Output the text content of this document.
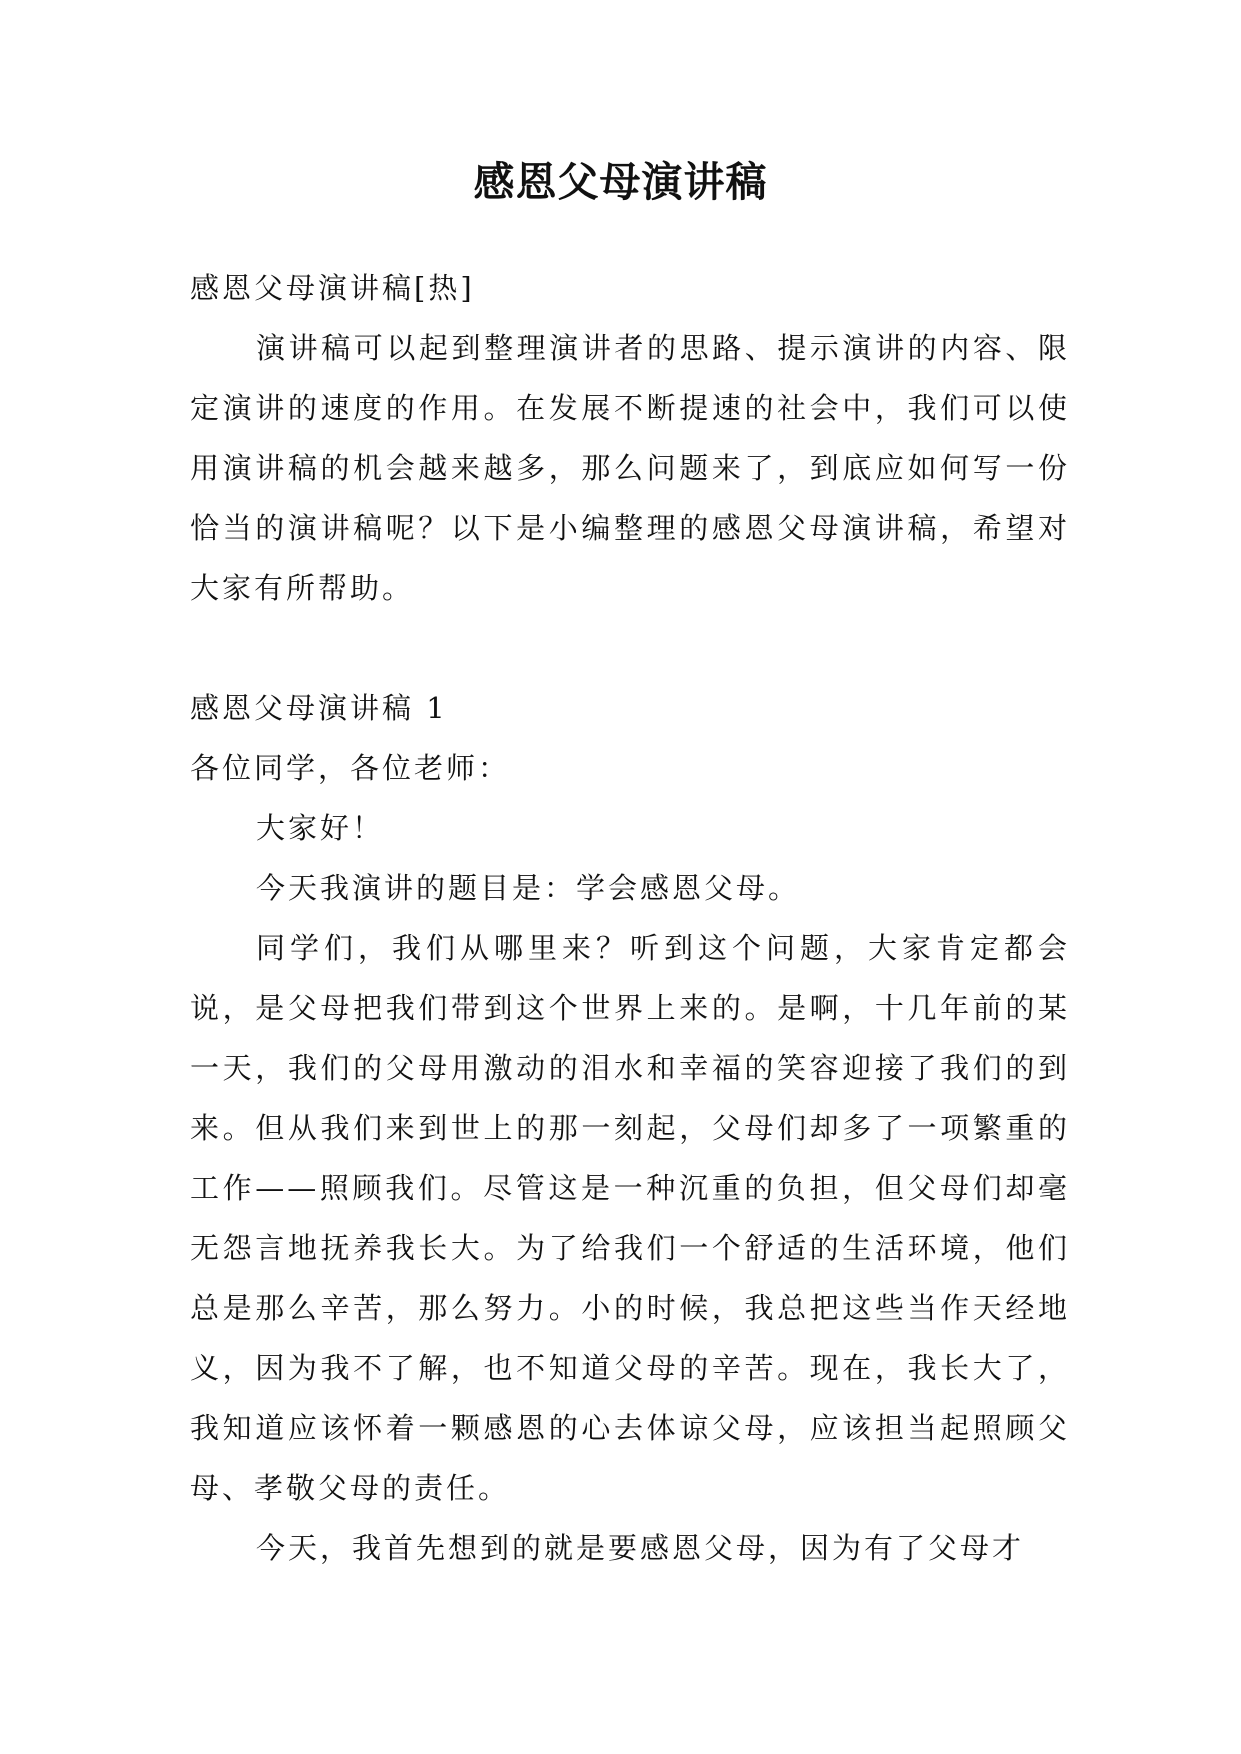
感恩父母演讲稿

感恩父母演讲稿[热]

演讲稿可以起到整理演讲者的思路、提示演讲的内容、限定演讲的速度的作用。在发展不断提速的社会中，我们可以使用演讲稿的机会越来越多，那么问题来了，到底应如何写一份恰当的演讲稿呢？以下是小编整理的感恩父母演讲稿，希望对大家有所帮助。

感恩父母演讲稿 1

各位同学，各位老师：

大家好！

今天我演讲的题目是：学会感恩父母。

同学们，我们从哪里来？听到这个问题，大家肯定都会说，是父母把我们带到这个世界上来的。是啊，十几年前的某一天，我们的父母用激动的泪水和幸福的笑容迎接了我们的到来。但从我们来到世上的那一刻起，父母们却多了一项繁重的工作——照顾我们。尽管这是一种沉重的负担，但父母们却毫无怨言地抚养我长大。为了给我们一个舒适的生活环境，他们总是那么辛苦，那么努力。小的时候，我总把这些当作天经地义，因为我不了解，也不知道父母的辛苦。现在，我长大了，我知道应该怀着一颗感恩的心去体谅父母，应该担当起照顾父母、孝敬父母的责任。

今天，我首先想到的就是要感恩父母，因为有了父母才
